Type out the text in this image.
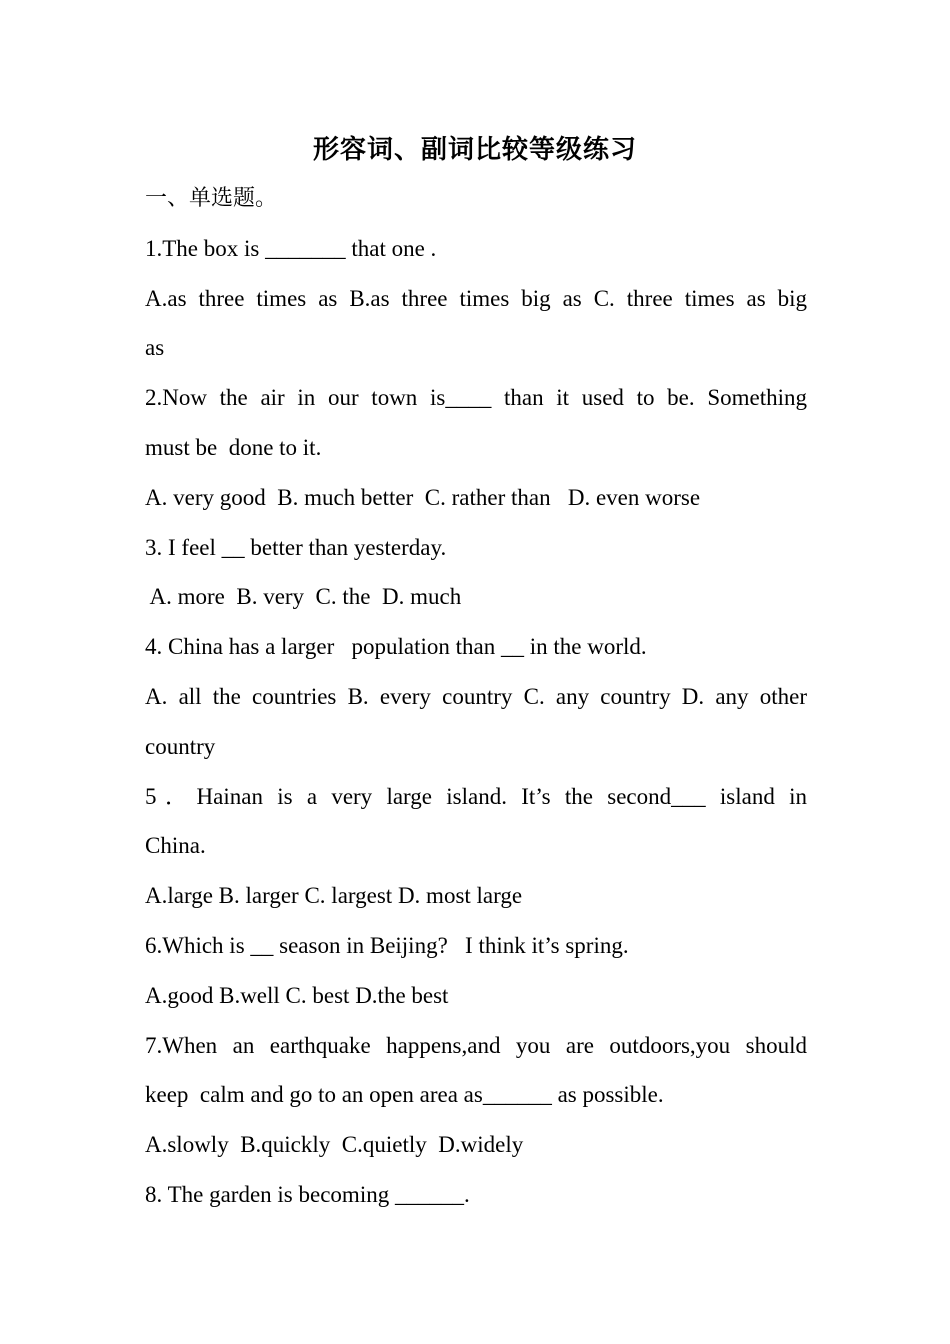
形容词、副词比较等级练习
一、单选题。
1.The box is _______ that one .
A.as three times as B.as three times big as C. three times as big
as
2.Now the air in our town is____ than it used to be. Something
must be  done to it.
A. very good  B. much better  C. rather than   D. even worse
3. I feel __ better than yesterday.
A. more  B. very  C. the  D. much
4. China has a larger   population than __ in the world.
A. all the countries B. every country C. any country D. any other
country
5．Hainan is a very large island. It’s the second___ island in
China.
A.large B. larger C. largest D. most large
6.Which is __ season in Beijing?   I think it’s spring.
A.good B.well C. best D.the best
7.When an earthquake happens,and you are outdoors,you should
keep  calm and go to an open area as______ as possible.
A.slowly  B.quickly  C.quietly  D.widely
8. The garden is becoming ______.
